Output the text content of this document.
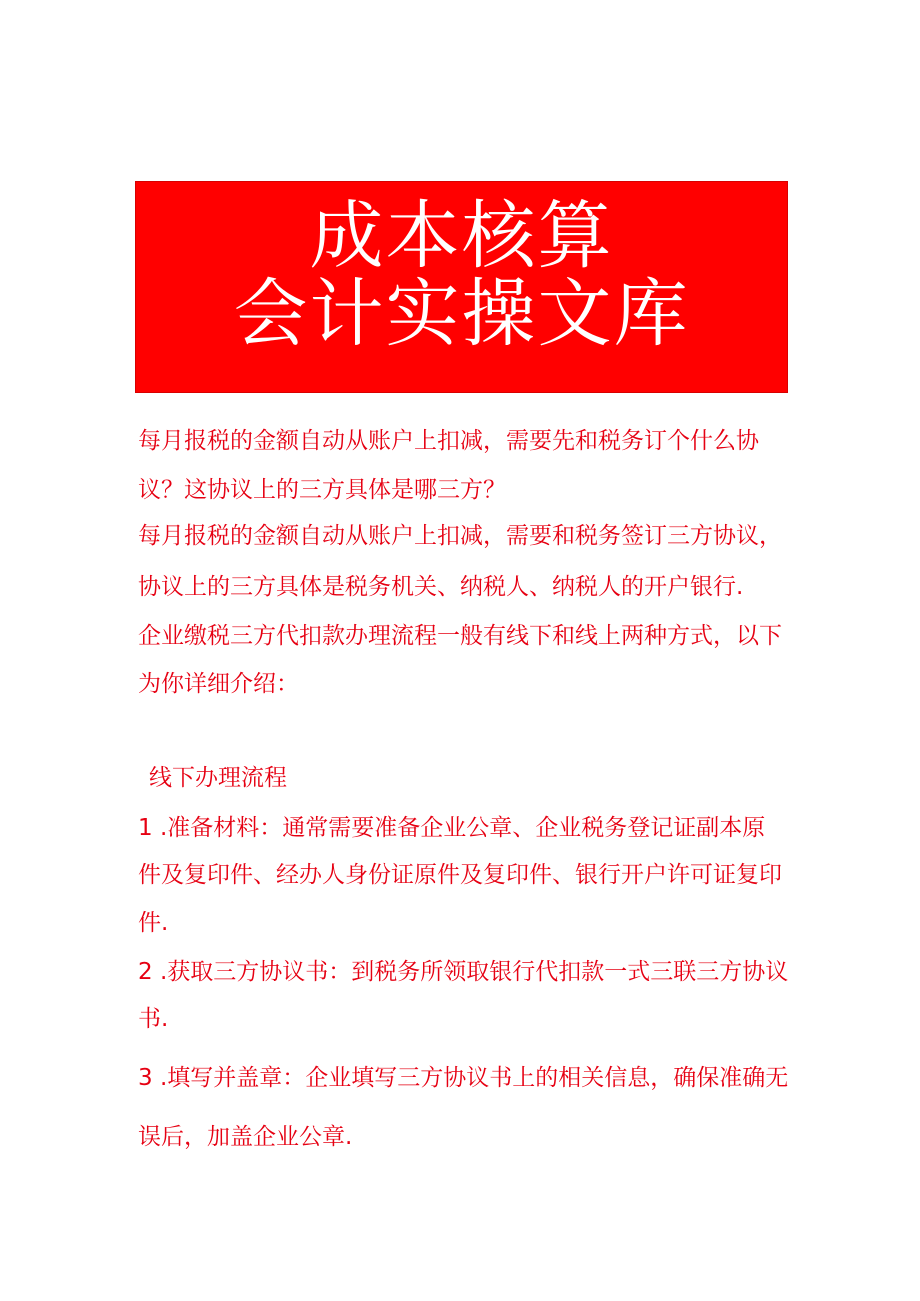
成本核算
会计实操文库
每月报税的金额自动从账户上扣减，需要先和税务订个什么协
议？这协议上的三方具体是哪三方？
每月报税的金额自动从账户上扣减，需要和税务签订三方协议，
协议上的三方具体是税务机关、纳税人、纳税人的开户银行.
企业缴税三方代扣款办理流程一般有线下和线上两种方式，以下
为你详细介绍：
线下办理流程
1 .准备材料：通常需要准备企业公章、企业税务登记证副本原
件及复印件、经办人身份证原件及复印件、银行开户许可证复印
件.
2 .获取三方协议书：到税务所领取银行代扣款一式三联三方协议
书.
3 .填写并盖章：企业填写三方协议书上的相关信息，确保准确无
误后，加盖企业公章.
